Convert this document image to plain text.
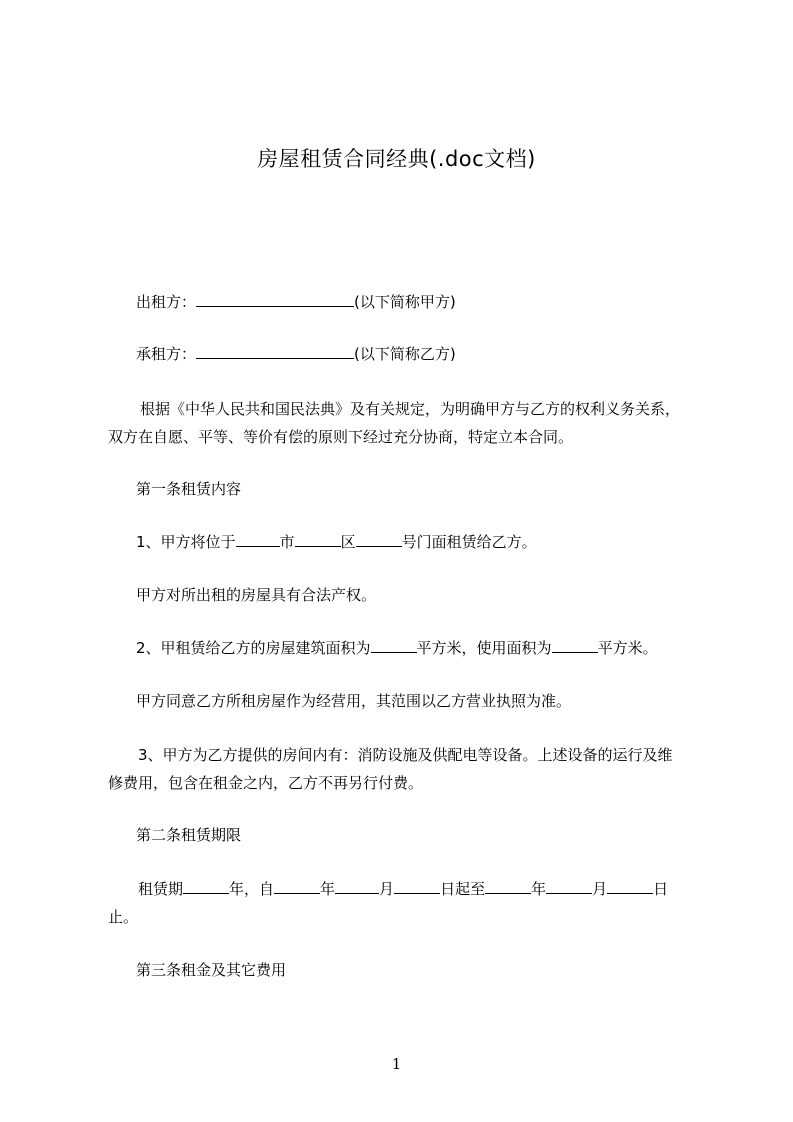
房屋租赁合同经典(.doc文档)
出租方：	(以下简称甲方)
承租方：	(以下简称乙方)
根据《中华人民共和国民法典》及有关规定，为明确甲方与乙方的权利义务关系，
双方在自愿、平等、等价有偿的原则下经过充分协商，特定立本合同。
第一条租赁内容
1、甲方将位于	市	区	号门面租赁给乙方。
甲方对所出租的房屋具有合法产权。
2、甲租赁给乙方的房屋建筑面积为	平方米，使用面积为	平方米。
甲方同意乙方所租房屋作为经营用，其范围以乙方营业执照为准。
3、甲方为乙方提供的房间内有：消防设施及供配电等设备。上述设备的运行及维
修费用，包含在租金之内，乙方不再另行付费。
第二条租赁期限
租赁期	年，自	年	月	日起至	年	月	日
止。
第三条租金及其它费用
1
